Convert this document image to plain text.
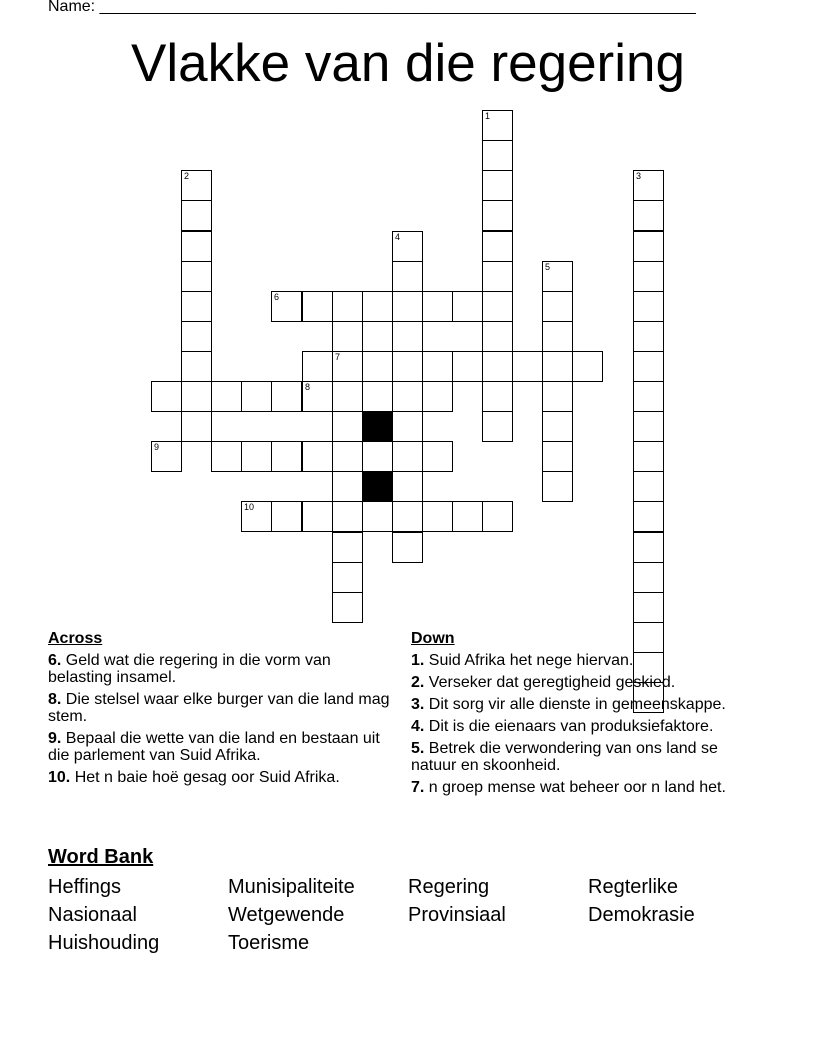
Name: ___________________________________________________________________
Vlakke van die regering
1
2	3
4
5
7
6
8
10
9
Across
6. Geld wat die regering in die vorm van belasting insamel.
8. Die stelsel waar elke burger van die land mag stem.
9. Bepaal die wette van die land en bestaan uit die parlement van Suid Afrika.
10. Het n baie hoë gesag oor Suid Afrika.
Down
1. Suid Afrika het nege hiervan.
2. Verseker dat geregtigheid geskied.
3. Dit sorg vir alle dienste in gemeenskappe.
4. Dit is die eienaars van produksiefaktore.
5. Betrek die verwondering van ons land se natuur en skoonheid.
7. n groep mense wat beheer oor n land het.
Word Bank
Heffings	Munisipaliteite	Regering	Regterlike
Nasionaal	Wetgewende	Provinsiaal	Demokrasie
Huishouding	Toerisme
